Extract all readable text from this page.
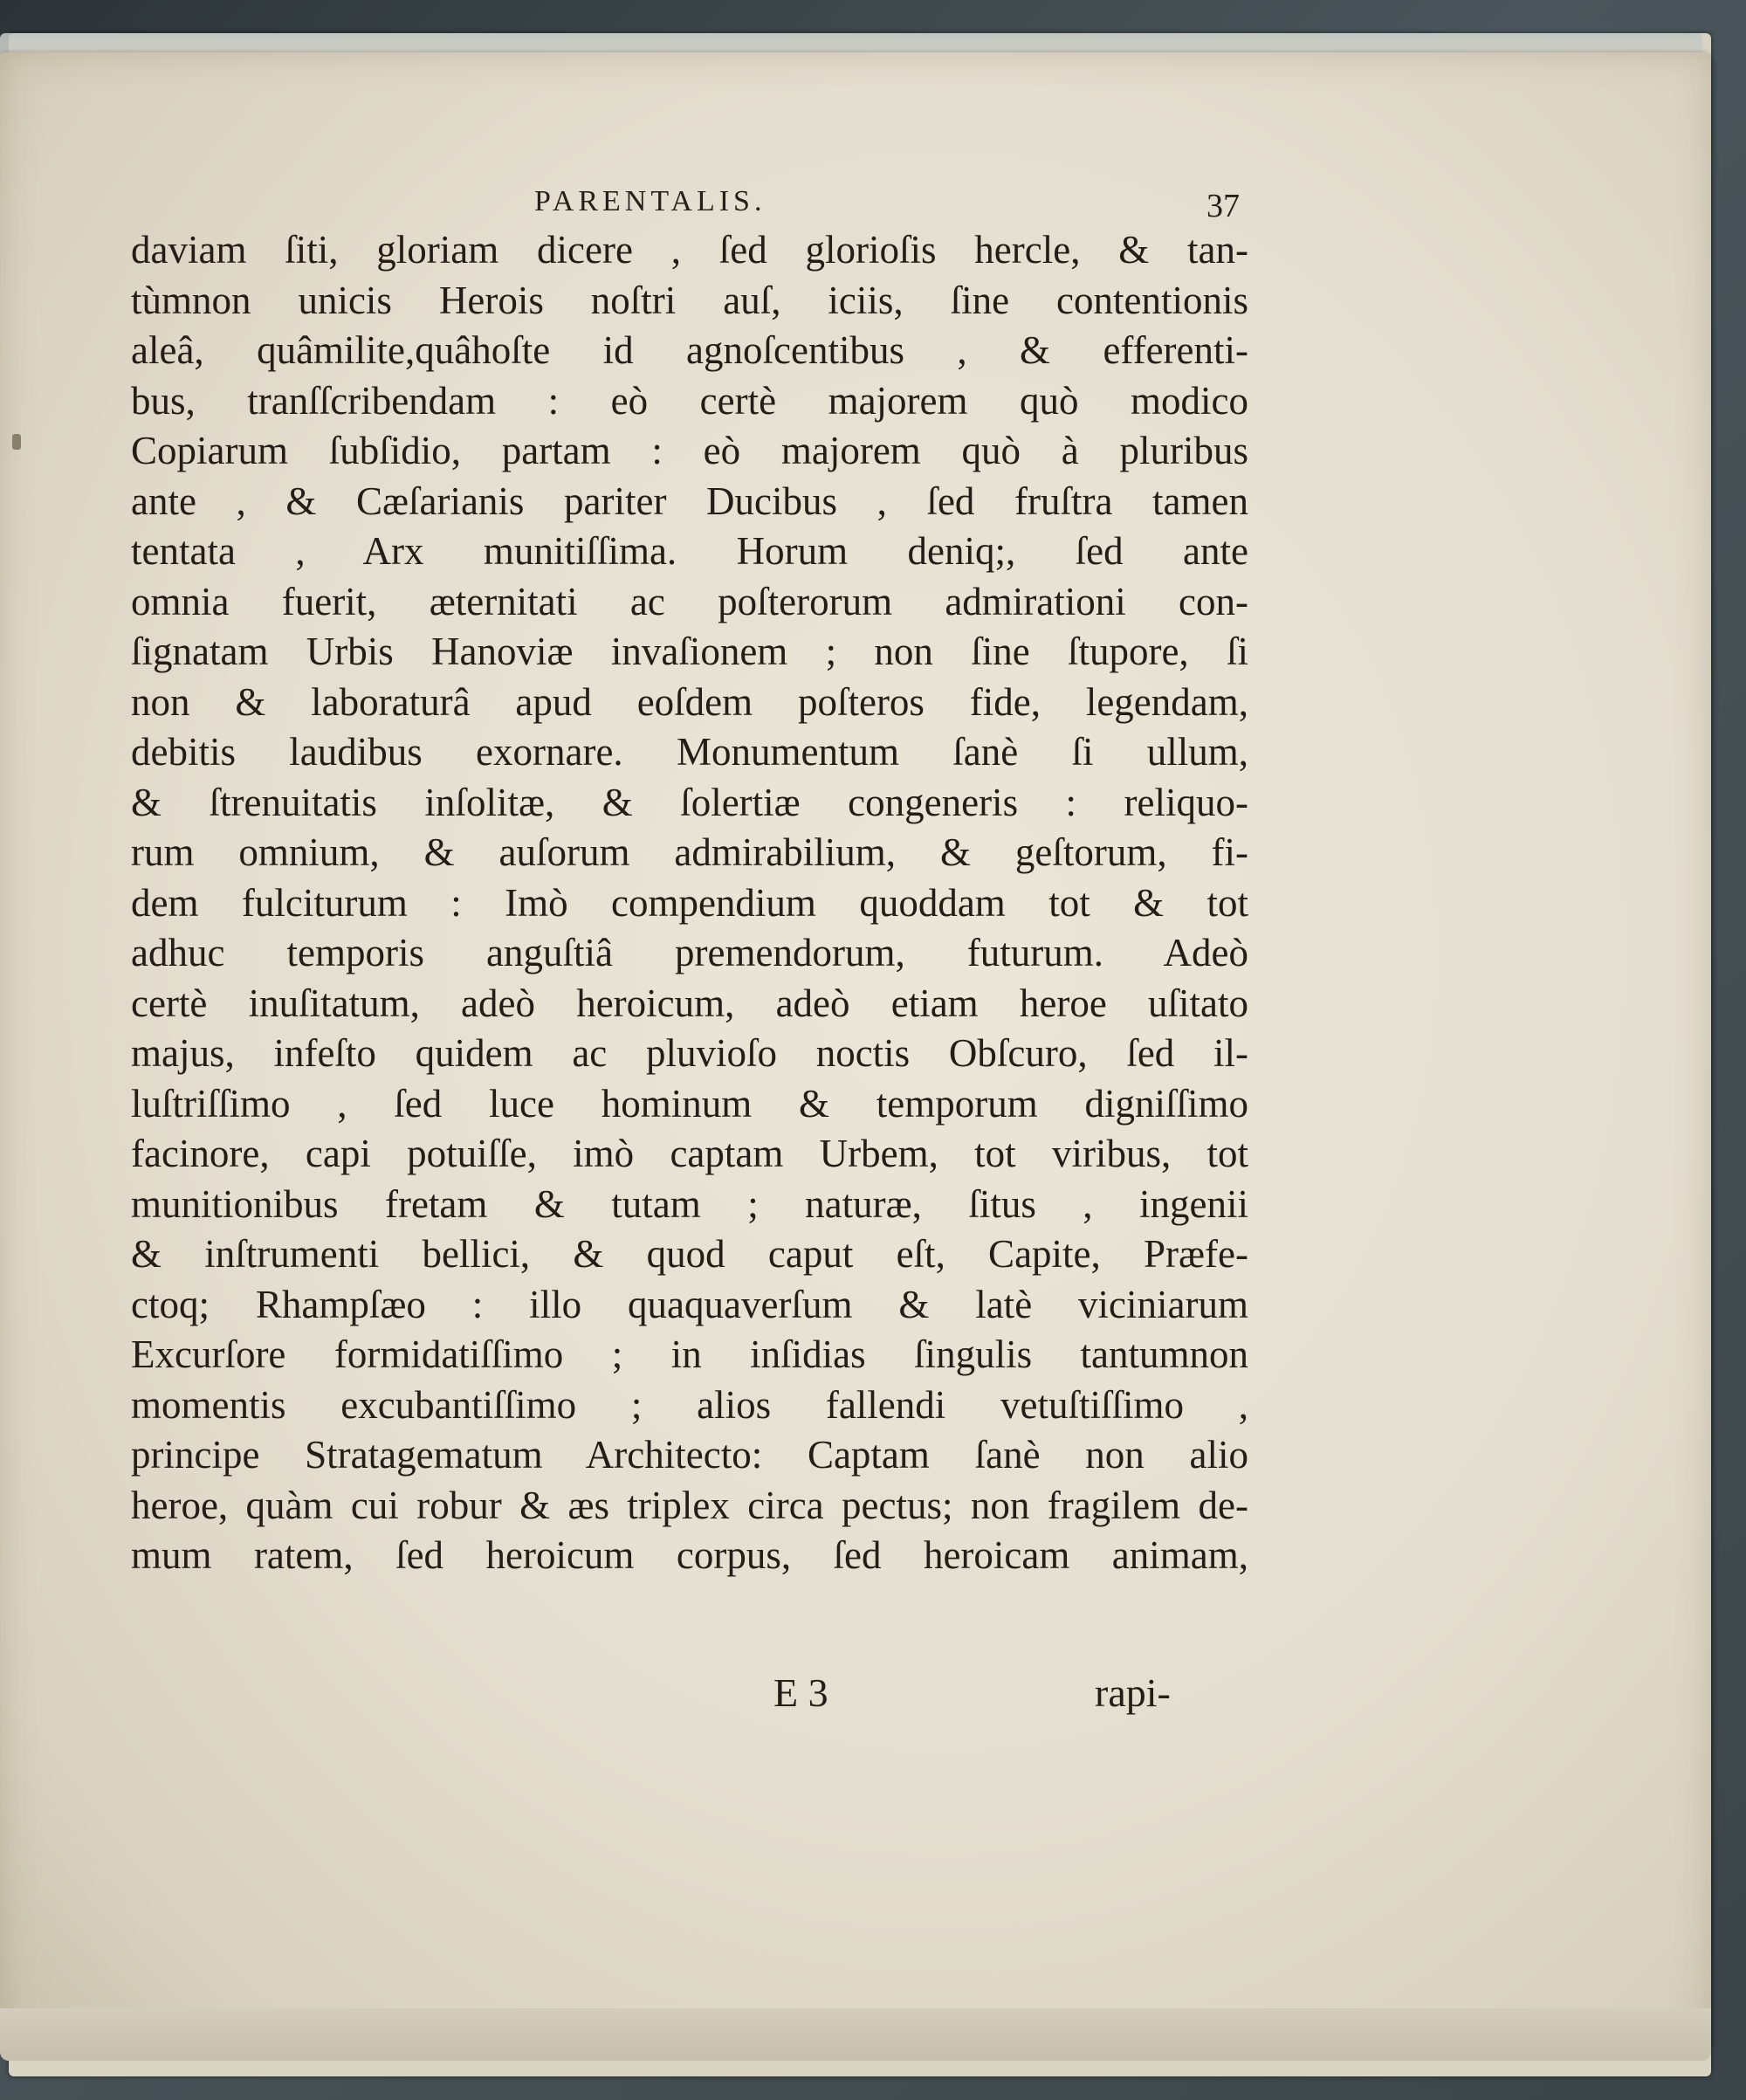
PARENTALIS.	37
daviam ſiti, gloriam dicere , ſed glorioſis hercle, & tan-
tùmnon unicis Herois noſtri auſ, iciis, ſine contentionis
aleâ, quâmilite,quâhoſte id agnoſcentibus , & efferenti-
bus, tranſſcribendam : eò certè majorem quò modico
Copiarum ſubſidio, partam : eò majorem quò à pluribus
ante , & Cæſarianis pariter Ducibus , ſed fruſtra tamen
tentata , Arx munitiſſima. Horum deniq;, ſed ante
omnia fuerit, æternitati ac poſterorum admirationi con-
ſignatam Urbis Hanoviæ invaſionem ; non ſine ſtupore, ſi
non & laboraturâ apud eoſdem poſteros fide, legendam,
debitis laudibus exornare. Monumentum ſanè ſi ullum,
& ſtrenuitatis inſolitæ, & ſolertiæ congeneris : reliquo-
rum omnium, & auſorum admirabilium, & geſtorum, fi-
dem fulciturum : Imò compendium quoddam tot & tot
adhuc temporis anguſtiâ premendorum, futurum. Adeò
certè inuſitatum, adeò heroicum, adeò etiam heroe uſitato
majus, infeſto quidem ac pluvioſo noctis Obſcuro, ſed il-
luſtriſſimo , ſed luce hominum & temporum digniſſimo
facinore, capi potuiſſe, imò captam Urbem, tot viribus, tot
munitionibus fretam & tutam ; naturæ, ſitus , ingenii
& inſtrumenti bellici, & quod caput eſt, Capite, Præfe-
ctoq; Rhampſæo : illo quaquaverſum & latè viciniarum
Excurſore formidatiſſimo ; in inſidias ſingulis tantumnon
momentis excubantiſſimo ; alios fallendi vetuſtiſſimo ,
principe Stratagematum Architecto: Captam ſanè non alio
heroe, quàm cui robur & æs triplex circa pectus; non fragilem de-
mum ratem, ſed heroicum corpus, ſed heroicam animam,
E 3	rapi-
